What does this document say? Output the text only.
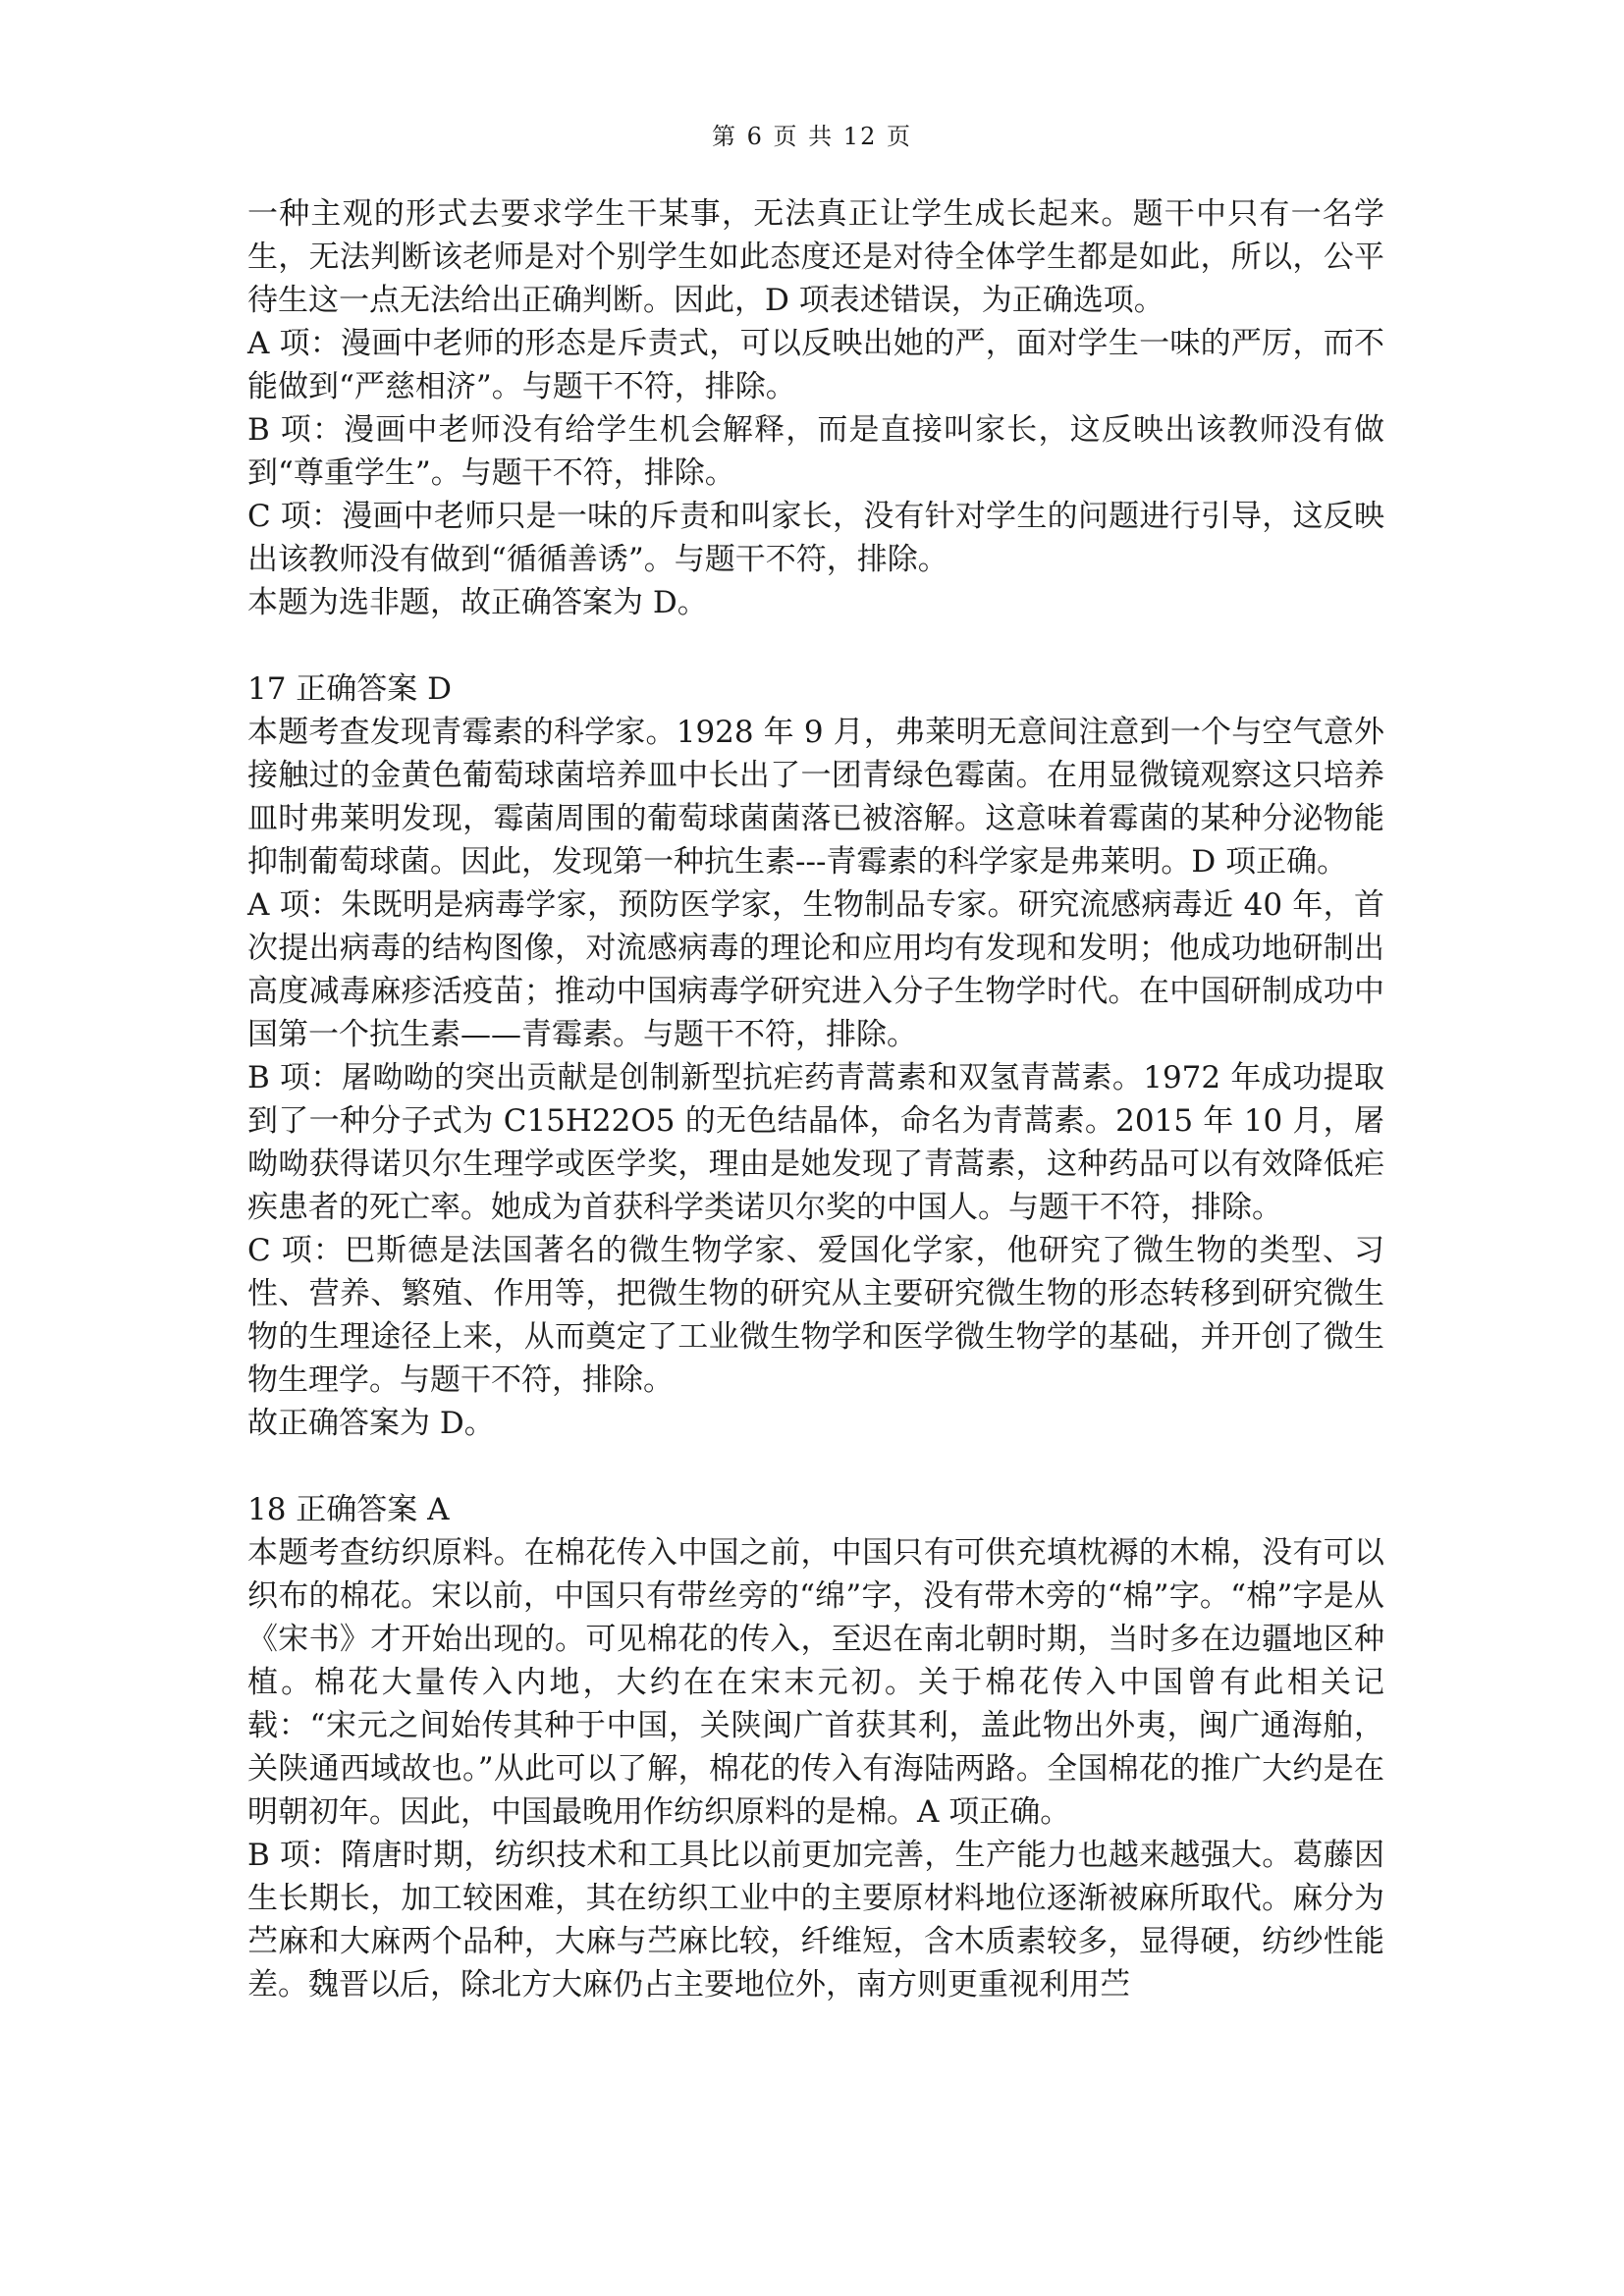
第 6 页 共 12 页

一种主观的形式去要求学生干某事，无法真正让学生成长起来。题干中只有一名学生，无法判断该老师是对个别学生如此态度还是对待全体学生都是如此，所以，公平待生这一点无法给出正确判断。因此，D 项表述错误，为正确选项。

A 项：漫画中老师的形态是斥责式，可以反映出她的严，面对学生一味的严厉，而不能做到“严慈相济”。与题干不符，排除。

B 项：漫画中老师没有给学生机会解释，而是直接叫家长，这反映出该教师没有做到“尊重学生”。与题干不符，排除。

C 项：漫画中老师只是一味的斥责和叫家长，没有针对学生的问题进行引导，这反映出该教师没有做到“循循善诱”。与题干不符，排除。

本题为选非题，故正确答案为 D。

17 正确答案 D

本题考查发现青霉素的科学家。1928 年 9 月，弗莱明无意间注意到一个与空气意外接触过的金黄色葡萄球菌培养皿中长出了一团青绿色霉菌。在用显微镜观察这只培养皿时弗莱明发现，霉菌周围的葡萄球菌菌落已被溶解。这意味着霉菌的某种分泌物能抑制葡萄球菌。因此，发现第一种抗生素---青霉素的科学家是弗莱明。D 项正确。

A 项：朱既明是病毒学家，预防医学家，生物制品专家。研究流感病毒近 40 年，首次提出病毒的结构图像，对流感病毒的理论和应用均有发现和发明；他成功地研制出高度减毒麻疹活疫苗；推动中国病毒学研究进入分子生物学时代。在中国研制成功中国第一个抗生素——青霉素。与题干不符，排除。

B 项：屠呦呦的突出贡献是创制新型抗疟药青蒿素和双氢青蒿素。1972 年成功提取到了一种分子式为 C15H22O5 的无色结晶体，命名为青蒿素。2015 年 10 月，屠呦呦获得诺贝尔生理学或医学奖，理由是她发现了青蒿素，这种药品可以有效降低疟疾患者的死亡率。她成为首获科学类诺贝尔奖的中国人。与题干不符，排除。

C 项：巴斯德是法国著名的微生物学家、爱国化学家，他研究了微生物的类型、习性、营养、繁殖、作用等，把微生物的研究从主要研究微生物的形态转移到研究微生物的生理途径上来，从而奠定了工业微生物学和医学微生物学的基础，并开创了微生物生理学。与题干不符，排除。

故正确答案为 D。

18 正确答案 A

本题考查纺织原料。在棉花传入中国之前，中国只有可供充填枕褥的木棉，没有可以织布的棉花。宋以前，中国只有带丝旁的“绵”字，没有带木旁的“棉”字。“棉”字是从《宋书》才开始出现的。可见棉花的传入，至迟在南北朝时期，当时多在边疆地区种植。棉花大量传入内地，大约在在宋末元初。关于棉花传入中国曾有此相关记载：“宋元之间始传其种于中国，关陕闽广首获其利，盖此物出外夷，闽广通海舶，关陕通西域故也。”从此可以了解，棉花的传入有海陆两路。全国棉花的推广大约是在明朝初年。因此，中国最晚用作纺织原料的是棉。A 项正确。

B 项：隋唐时期，纺织技术和工具比以前更加完善，生产能力也越来越强大。葛藤因生长期长，加工较困难，其在纺织工业中的主要原材料地位逐渐被麻所取代。麻分为苎麻和大麻两个品种，大麻与苎麻比较，纤维短，含木质素较多，显得硬，纺纱性能差。魏晋以后，除北方大麻仍占主要地位外，南方则更重视利用苎
